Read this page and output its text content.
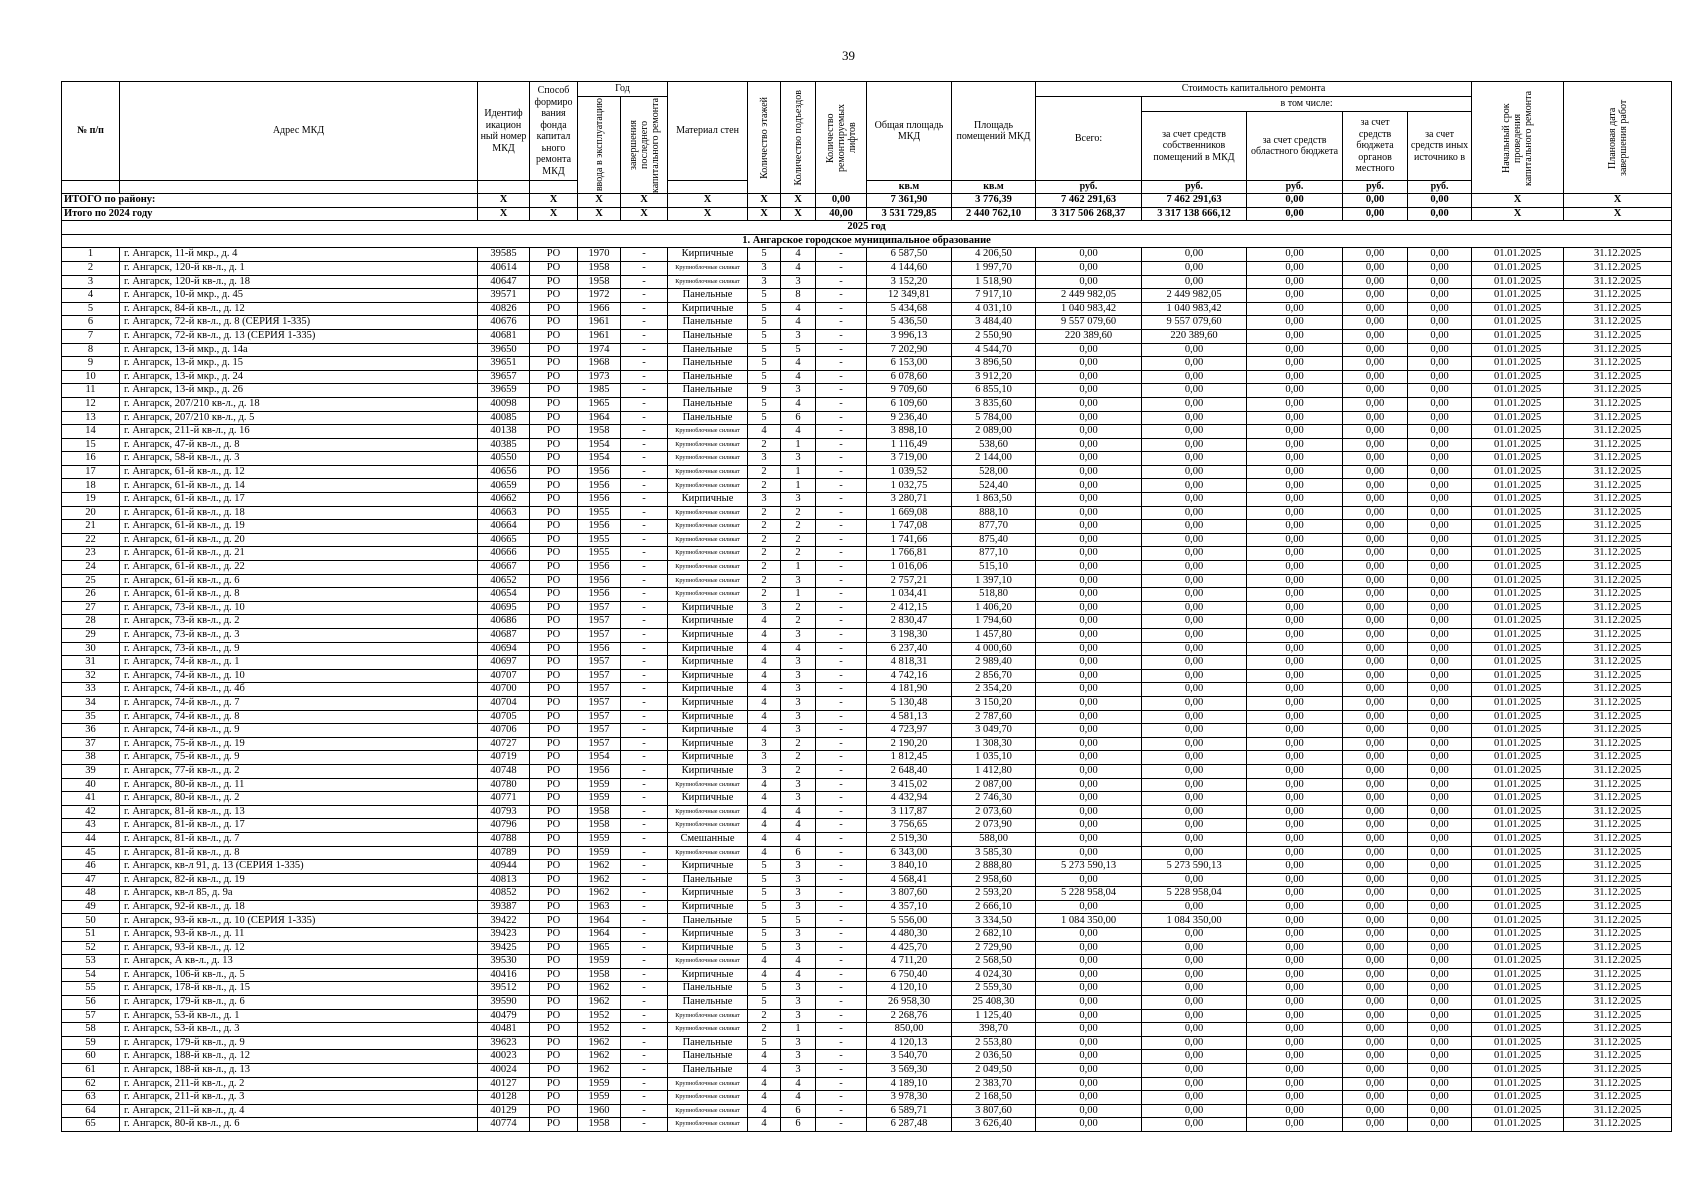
39
№ п/п	Адрес МКД	Идентиф икацион ный номер МКД	Способ формиро вания фонда капитал ьного ремонта МКД	Год		Материал стен	Количество этажей	Количество подъездов	Количество ремонтируемых лифтов	Общая площадь МКД	Площадь помещений МКД	Стоимость капитального ремонта					Начальный срок проведения капитального ремонта	Плановая дата завершения работ

				ввода в эксплуатацию	завершения последнего капитального ремонта							Всего:	в том числе:					
													за счет средств собственников помещений в МКД	за счет средств областного бюджета	за счет средств бюджета органов местного	за счет средств иных источнико в		
										кв.м	кв.м	руб.	руб.	руб.	руб.	руб.		
ИТОГО по району:		X	X	X	X	X	X	X	0,00	7 361,90	3 776,39	7 462 291,63	7 462 291,63	0,00	0,00	0,00	X	X
Итого по 2024 году		X	X	X	X	X	X	X	40,00	3 531 729,85	2 440 762,10	3 317 506 268,37	3 317 138 666,12	0,00	0,00	0,00	X	X
2025 год																		
1. Ангарское городское муниципальное образование																		
1	г. Ангарск, 11-й мкр., д. 4	39585	РО	1970	-	Кирпичные	5	4	-	6 587,50	4 206,50	0,00	0,00	0,00	0,00	0,00	01.01.2025	31.12.2025
2	г. Ангарск, 120-й кв-л., д. 1	40614	РО	1958	-	Крупноблочные силикат	3	4	-	4 144,60	1 997,70	0,00	0,00	0,00	0,00	0,00	01.01.2025	31.12.2025
3	г. Ангарск, 120-й кв-л., д. 18	40647	РО	1958	-	Крупноблочные силикат	3	3	-	3 152,20	1 518,90	0,00	0,00	0,00	0,00	0,00	01.01.2025	31.12.2025
4	г. Ангарск, 10-й мкр., д. 45	39571	РО	1972	-	Панельные	5	8	-	12 349,81	7 917,10	2 449 982,05	2 449 982,05	0,00	0,00	0,00	01.01.2025	31.12.2025
5	г. Ангарск, 84-й кв-л., д. 12	40826	РО	1966	-	Кирпичные	5	4	-	5 434,68	4 031,10	1 040 983,42	1 040 983,42	0,00	0,00	0,00	01.01.2025	31.12.2025
6	г. Ангарск, 72-й кв-л., д. 8 (СЕРИЯ 1-335)	40676	РО	1961	-	Панельные	5	4	-	5 436,50	3 484,40	9 557 079,60	9 557 079,60	0,00	0,00	0,00	01.01.2025	31.12.2025
7	г. Ангарск, 72-й кв-л., д. 13 (СЕРИЯ 1-335)	40681	РО	1961	-	Панельные	5	3	-	3 996,13	2 550,90	220 389,60	220 389,60	0,00	0,00	0,00	01.01.2025	31.12.2025
8	г. Ангарск, 13-й мкр., д. 14а	39650	РО	1974	-	Панельные	5	5	-	7 202,90	4 544,70	0,00	0,00	0,00	0,00	0,00	01.01.2025	31.12.2025
9	г. Ангарск, 13-й мкр., д. 15	39651	РО	1968	-	Панельные	5	4	-	6 153,00	3 896,50	0,00	0,00	0,00	0,00	0,00	01.01.2025	31.12.2025
10	г. Ангарск, 13-й мкр., д. 24	39657	РО	1973	-	Панельные	5	4	-	6 078,60	3 912,20	0,00	0,00	0,00	0,00	0,00	01.01.2025	31.12.2025
11	г. Ангарск, 13-й мкр., д. 26	39659	РО	1985	-	Панельные	9	3	-	9 709,60	6 855,10	0,00	0,00	0,00	0,00	0,00	01.01.2025	31.12.2025
12	г. Ангарск, 207/210 кв-л., д. 18	40098	РО	1965	-	Панельные	5	4	-	6 109,60	3 835,60	0,00	0,00	0,00	0,00	0,00	01.01.2025	31.12.2025
13	г. Ангарск, 207/210 кв-л., д. 5	40085	РО	1964	-	Панельные	5	6	-	9 236,40	5 784,00	0,00	0,00	0,00	0,00	0,00	01.01.2025	31.12.2025
14	г. Ангарск, 211-й кв-л., д. 16	40138	РО	1958	-	Крупноблочные силикат	4	4	-	3 898,10	2 089,00	0,00	0,00	0,00	0,00	0,00	01.01.2025	31.12.2025
15	г. Ангарск, 47-й кв-л., д. 8	40385	РО	1954	-	Крупноблочные силикат	2	1	-	1 116,49	538,60	0,00	0,00	0,00	0,00	0,00	01.01.2025	31.12.2025
16	г. Ангарск, 58-й кв-л., д. 3	40550	РО	1954	-	Крупноблочные силикат	3	3	-	3 719,00	2 144,00	0,00	0,00	0,00	0,00	0,00	01.01.2025	31.12.2025
17	г. Ангарск, 61-й кв-л., д. 12	40656	РО	1956	-	Крупноблочные силикат	2	1	-	1 039,52	528,00	0,00	0,00	0,00	0,00	0,00	01.01.2025	31.12.2025
18	г. Ангарск, 61-й кв-л., д. 14	40659	РО	1956	-	Крупноблочные силикат	2	1	-	1 032,75	524,40	0,00	0,00	0,00	0,00	0,00	01.01.2025	31.12.2025
19	г. Ангарск, 61-й кв-л., д. 17	40662	РО	1956	-	Кирпичные	3	3	-	3 280,71	1 863,50	0,00	0,00	0,00	0,00	0,00	01.01.2025	31.12.2025
20	г. Ангарск, 61-й кв-л., д. 18	40663	РО	1955	-	Крупноблочные силикат	2	2	-	1 669,08	888,10	0,00	0,00	0,00	0,00	0,00	01.01.2025	31.12.2025
21	г. Ангарск, 61-й кв-л., д. 19	40664	РО	1956	-	Крупноблочные силикат	2	2	-	1 747,08	877,70	0,00	0,00	0,00	0,00	0,00	01.01.2025	31.12.2025
22	г. Ангарск, 61-й кв-л., д. 20	40665	РО	1955	-	Крупноблочные силикат	2	2	-	1 741,66	875,40	0,00	0,00	0,00	0,00	0,00	01.01.2025	31.12.2025
23	г. Ангарск, 61-й кв-л., д. 21	40666	РО	1955	-	Крупноблочные силикат	2	2	-	1 766,81	877,10	0,00	0,00	0,00	0,00	0,00	01.01.2025	31.12.2025
24	г. Ангарск, 61-й кв-л., д. 22	40667	РО	1956	-	Крупноблочные силикат	2	1	-	1 016,06	515,10	0,00	0,00	0,00	0,00	0,00	01.01.2025	31.12.2025
25	г. Ангарск, 61-й кв-л., д. 6	40652	РО	1956	-	Крупноблочные силикат	2	3	-	2 757,21	1 397,10	0,00	0,00	0,00	0,00	0,00	01.01.2025	31.12.2025
26	г. Ангарск, 61-й кв-л., д. 8	40654	РО	1956	-	Крупноблочные силикат	2	1	-	1 034,41	518,80	0,00	0,00	0,00	0,00	0,00	01.01.2025	31.12.2025
27	г. Ангарск, 73-й кв-л., д. 10	40695	РО	1957	-	Кирпичные	3	2	-	2 412,15	1 406,20	0,00	0,00	0,00	0,00	0,00	01.01.2025	31.12.2025
28	г. Ангарск, 73-й кв-л., д. 2	40686	РО	1957	-	Кирпичные	4	2	-	2 830,47	1 794,60	0,00	0,00	0,00	0,00	0,00	01.01.2025	31.12.2025
29	г. Ангарск, 73-й кв-л., д. 3	40687	РО	1957	-	Кирпичные	4	3	-	3 198,30	1 457,80	0,00	0,00	0,00	0,00	0,00	01.01.2025	31.12.2025
30	г. Ангарск, 73-й кв-л., д. 9	40694	РО	1956	-	Кирпичные	4	4	-	6 237,40	4 000,60	0,00	0,00	0,00	0,00	0,00	01.01.2025	31.12.2025
31	г. Ангарск, 74-й кв-л., д. 1	40697	РО	1957	-	Кирпичные	4	3	-	4 818,31	2 989,40	0,00	0,00	0,00	0,00	0,00	01.01.2025	31.12.2025
32	г. Ангарск, 74-й кв-л., д. 10	40707	РО	1957	-	Кирпичные	4	3	-	4 742,16	2 856,70	0,00	0,00	0,00	0,00	0,00	01.01.2025	31.12.2025
33	г. Ангарск, 74-й кв-л., д. 4б	40700	РО	1957	-	Кирпичные	4	3	-	4 181,90	2 354,20	0,00	0,00	0,00	0,00	0,00	01.01.2025	31.12.2025
34	г. Ангарск, 74-й кв-л., д. 7	40704	РО	1957	-	Кирпичные	4	3	-	5 130,48	3 150,20	0,00	0,00	0,00	0,00	0,00	01.01.2025	31.12.2025
35	г. Ангарск, 74-й кв-л., д. 8	40705	РО	1957	-	Кирпичные	4	3	-	4 581,13	2 787,60	0,00	0,00	0,00	0,00	0,00	01.01.2025	31.12.2025
36	г. Ангарск, 74-й кв-л., д. 9	40706	РО	1957	-	Кирпичные	4	3	-	4 723,97	3 049,70	0,00	0,00	0,00	0,00	0,00	01.01.2025	31.12.2025
37	г. Ангарск, 75-й кв-л., д. 19	40727	РО	1957	-	Кирпичные	3	2	-	2 190,20	1 308,30	0,00	0,00	0,00	0,00	0,00	01.01.2025	31.12.2025
38	г. Ангарск, 75-й кв-л., д. 9	40719	РО	1954	-	Кирпичные	3	2	-	1 812,45	1 035,10	0,00	0,00	0,00	0,00	0,00	01.01.2025	31.12.2025
39	г. Ангарск, 77-й кв-л., д. 2	40748	РО	1956	-	Кирпичные	3	2	-	2 648,40	1 412,80	0,00	0,00	0,00	0,00	0,00	01.01.2025	31.12.2025
40	г. Ангарск, 80-й кв-л., д. 11	40780	РО	1959	-	Крупноблочные силикат	4	3	-	3 415,02	2 087,00	0,00	0,00	0,00	0,00	0,00	01.01.2025	31.12.2025
41	г. Ангарск, 80-й кв-л., д. 2	40771	РО	1959	-	Кирпичные	4	3	-	4 432,94	2 746,30	0,00	0,00	0,00	0,00	0,00	01.01.2025	31.12.2025
42	г. Ангарск, 81-й кв-л., д. 13	40793	РО	1958	-	Крупноблочные силикат	4	4	-	3 117,87	2 073,60	0,00	0,00	0,00	0,00	0,00	01.01.2025	31.12.2025
43	г. Ангарск, 81-й кв-л., д. 17	40796	РО	1958	-	Крупноблочные силикат	4	4	-	3 756,65	2 073,90	0,00	0,00	0,00	0,00	0,00	01.01.2025	31.12.2025
44	г. Ангарск, 81-й кв-л., д. 7	40788	РО	1959	-	Смешанные	4	4	-	2 519,30	588,00	0,00	0,00	0,00	0,00	0,00	01.01.2025	31.12.2025
45	г. Ангарск, 81-й кв-л., д. 8	40789	РО	1959	-	Крупноблочные силикат	4	6	-	6 343,00	3 585,30	0,00	0,00	0,00	0,00	0,00	01.01.2025	31.12.2025
46	г. Ангарск, кв-л 91, д. 13 (СЕРИЯ 1-335)	40944	РО	1962	-	Кирпичные	5	3	-	3 840,10	2 888,80	5 273 590,13	5 273 590,13	0,00	0,00	0,00	01.01.2025	31.12.2025
47	г. Ангарск, 82-й кв-л., д. 19	40813	РО	1962	-	Панельные	5	3	-	4 568,41	2 958,60	0,00	0,00	0,00	0,00	0,00	01.01.2025	31.12.2025
48	г. Ангарск, кв-л 85, д. 9а	40852	РО	1962	-	Кирпичные	5	3	-	3 807,60	2 593,20	5 228 958,04	5 228 958,04	0,00	0,00	0,00	01.01.2025	31.12.2025
49	г. Ангарск, 92-й кв-л., д. 18	39387	РО	1963	-	Кирпичные	5	3	-	4 357,10	2 666,10	0,00	0,00	0,00	0,00	0,00	01.01.2025	31.12.2025
50	г. Ангарск, 93-й кв-л., д. 10 (СЕРИЯ 1-335)	39422	РО	1964	-	Панельные	5	5	-	5 556,00	3 334,50	1 084 350,00	1 084 350,00	0,00	0,00	0,00	01.01.2025	31.12.2025
51	г. Ангарск, 93-й кв-л., д. 11	39423	РО	1964	-	Кирпичные	5	3	-	4 480,30	2 682,10	0,00	0,00	0,00	0,00	0,00	01.01.2025	31.12.2025
52	г. Ангарск, 93-й кв-л., д. 12	39425	РО	1965	-	Кирпичные	5	3	-	4 425,70	2 729,90	0,00	0,00	0,00	0,00	0,00	01.01.2025	31.12.2025
53	г. Ангарск, А кв-л., д. 13	39530	РО	1959	-	Крупноблочные силикат	4	4	-	4 711,20	2 568,50	0,00	0,00	0,00	0,00	0,00	01.01.2025	31.12.2025
54	г. Ангарск, 106-й кв-л., д. 5	40416	РО	1958	-	Кирпичные	4	4	-	6 750,40	4 024,30	0,00	0,00	0,00	0,00	0,00	01.01.2025	31.12.2025
55	г. Ангарск, 178-й кв-л., д. 15	39512	РО	1962	-	Панельные	5	3	-	4 120,10	2 559,30	0,00	0,00	0,00	0,00	0,00	01.01.2025	31.12.2025
56	г. Ангарск, 179-й кв-л., д. 6	39590	РО	1962	-	Панельные	5	3	-	26 958,30	25 408,30	0,00	0,00	0,00	0,00	0,00	01.01.2025	31.12.2025
57	г. Ангарск, 53-й кв-л., д. 1	40479	РО	1952	-	Крупноблочные силикат	2	3	-	2 268,76	1 125,40	0,00	0,00	0,00	0,00	0,00	01.01.2025	31.12.2025
58	г. Ангарск, 53-й кв-л., д. 3	40481	РО	1952	-	Крупноблочные силикат	2	1	-	850,00	398,70	0,00	0,00	0,00	0,00	0,00	01.01.2025	31.12.2025
59	г. Ангарск, 179-й кв-л., д. 9	39623	РО	1962	-	Панельные	5	3	-	4 120,13	2 553,80	0,00	0,00	0,00	0,00	0,00	01.01.2025	31.12.2025
60	г. Ангарск, 188-й кв-л., д. 12	40023	РО	1962	-	Панельные	4	3	-	3 540,70	2 036,50	0,00	0,00	0,00	0,00	0,00	01.01.2025	31.12.2025
61	г. Ангарск, 188-й кв-л., д. 13	40024	РО	1962	-	Панельные	4	3	-	3 569,30	2 049,50	0,00	0,00	0,00	0,00	0,00	01.01.2025	31.12.2025
62	г. Ангарск, 211-й кв-л., д. 2	40127	РО	1959	-	Крупноблочные силикат	4	4	-	4 189,10	2 383,70	0,00	0,00	0,00	0,00	0,00	01.01.2025	31.12.2025
63	г. Ангарск, 211-й кв-л., д. 3	40128	РО	1959	-	Крупноблочные силикат	4	4	-	3 978,30	2 168,50	0,00	0,00	0,00	0,00	0,00	01.01.2025	31.12.2025
64	г. Ангарск, 211-й кв-л., д. 4	40129	РО	1960	-	Крупноблочные силикат	4	6	-	6 589,71	3 807,60	0,00	0,00	0,00	0,00	0,00	01.01.2025	31.12.2025
65	г. Ангарск, 80-й кв-л., д. 6	40774	РО	1958	-	Крупноблочные силикат	4	6	-	6 287,48	3 626,40	0,00	0,00	0,00	0,00	0,00	01.01.2025	31.12.2025
